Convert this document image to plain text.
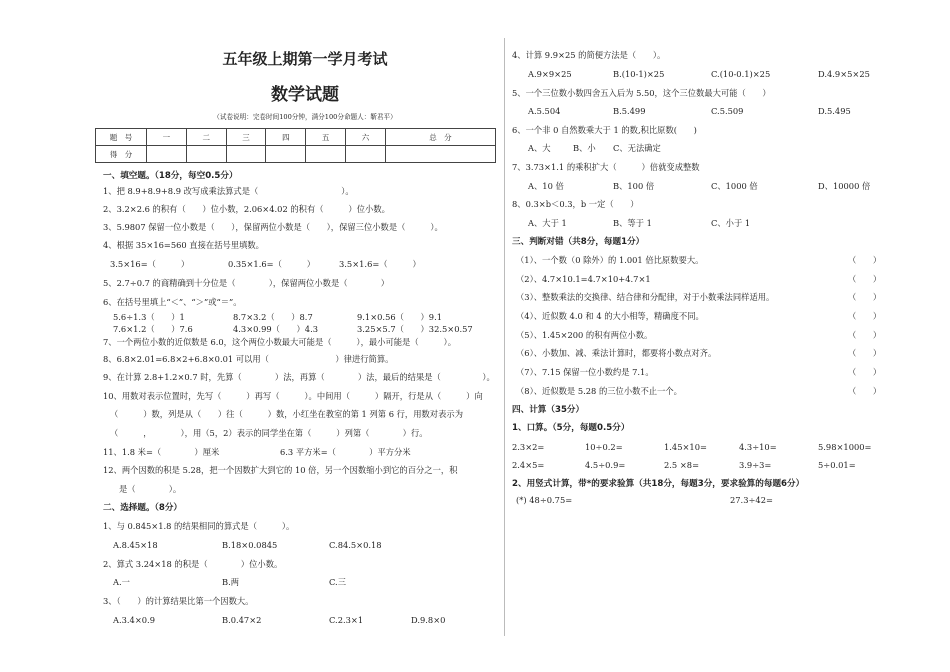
五年级上期第一学月考试
数学试题
（试卷说明：完卷时间100分钟，满分100分命题人：靳君平）
题　号	一	二	三	四	五	六	总　分
得　分							
一、填空题。（18分，每空0.5分）
1、把 8.9+8.9+8.9 改写成乘法算式是（　　　　　　　　　　）。
2、3.2×2.6 的积有（　　）位小数，2.06×4.02 的积有（　　　）位小数。
3、5.9807 保留一位小数是（　　），保留两位小数是（　　），保留三位小数是（　　　）。
4、根据 35×16=560 直接在括号里填数。
3.5×16=（　　　）	0.35×1.6=（　　　）	3.5×1.6=（　　　）
5、2.7÷0.7 的商精确到十分位是（　　　　），保留两位小数是（　　　　）
6、在括号里填上“＜”、“＞”或“＝”。
5.6÷1.3（　　）1	8.7×3.2（　　）8.7	9.1×0.56（　　）9.1
7.6×1.2（　　）7.6	4.3×0.99（　　）4.3	3.25×5.7（　　）32.5×0.57
7、一个两位小数的近似数是 6.0，这个两位小数最大可能是（　　　），最小可能是（　　　）。
8、6.8×2.01=6.8×2+6.8×0.01 可以用（　　　　　　　　）律进行简算。
9、在计算 2.8+1.2×0.7 时，先算（　　　　）法，再算（　　　　）法，最后的结果是（　　　　　）。
10、用数对表示位置时，先写（　　　）再写（　　　）。中间用（　　　）隔开，行是从（　　　）向
（　　　）数，列是从（　　）往（　　　）数，小红坐在教室的第 1 列第 6 行，用数对表示为
（　　　，　　　　），用（5，2）表示的同学坐在第（　　　）列第（　　　　）行。
11、1.8 米=（　　　　）厘米	6.3 平方米=（　　　　）平方分米
12、两个因数的积是 5.28，把一个因数扩大到它的 10 倍，另一个因数缩小到它的百分之一，积
是（　　　　）。
二、选择题。（8分）
1、与 0.845×1.8 的结果相同的算式是（　　　）。
A.8.45×18	B.18×0.0845	C.84.5×0.18
2、算式 3.24×18 的积是（　　　　）位小数。
A.一	B.两	C.三
3、（　　）的计算结果比第一个因数大。
A.3.4×0.9	B.0.47×2	C.2.3×1	D.9.8×0
4、计算 9.9×25 的简便方法是（　　）。
A.9×9×25	B.(10-1)×25	C.(10-0.1)×25	D.4.9×5×25
5、一个三位数小数四舍五入后为 5.50，这个三位数最大可能（　　）
A.5.504	B.5.499	C.5.509	D.5.495
6、一个非 0 自然数乘大于 1 的数,积比原数(　　)
A、大	B、小 C、无法确定
7、3.73×1.1 的乘积扩大（　　　）倍就变成整数
A、10 倍	B、100 倍	C、1000 倍	D、10000 倍
8、0.3×b＜0.3，b 一定（　　）
A、大于 1	B、等于 1	C、小于 1
三、判断对错（共8分，每题1分）
（1）、一个数（0 除外）的 1.001 倍比原数要大。	（　　）
（2）、4.7×10.1=4.7×10+4.7×1	（　　）
（3）、整数乘法的交换律、结合律和分配律，对于小数乘法同样适用。	（　　）
（4）、近似数 4.0 和 4 的大小相等，精确度不同。	（　　）
（5）、1.45×200 的积有两位小数。	（　　）
（6）、小数加、减、乘法计算时，都要将小数点对齐。	（　　）
（7）、7.15 保留一位小数约是 7.1。	（　　）
（8）、近似数是 5.28 的三位小数不止一个。	（　　）
四、计算（35分）
1、口算。（5分，每题0.5分）
2.3×2=	10÷0.2=	1.45×10=	4.3÷10=	5.98×1000=
2.4×5=	4.5÷0.9=	2.5 ×8=	3.9÷3=	5÷0.01=
2、用竖式计算，带*的要求验算（共18分，每题3分，要求验算的每题6分）
(*) 48÷0.75=	27.3÷42=
